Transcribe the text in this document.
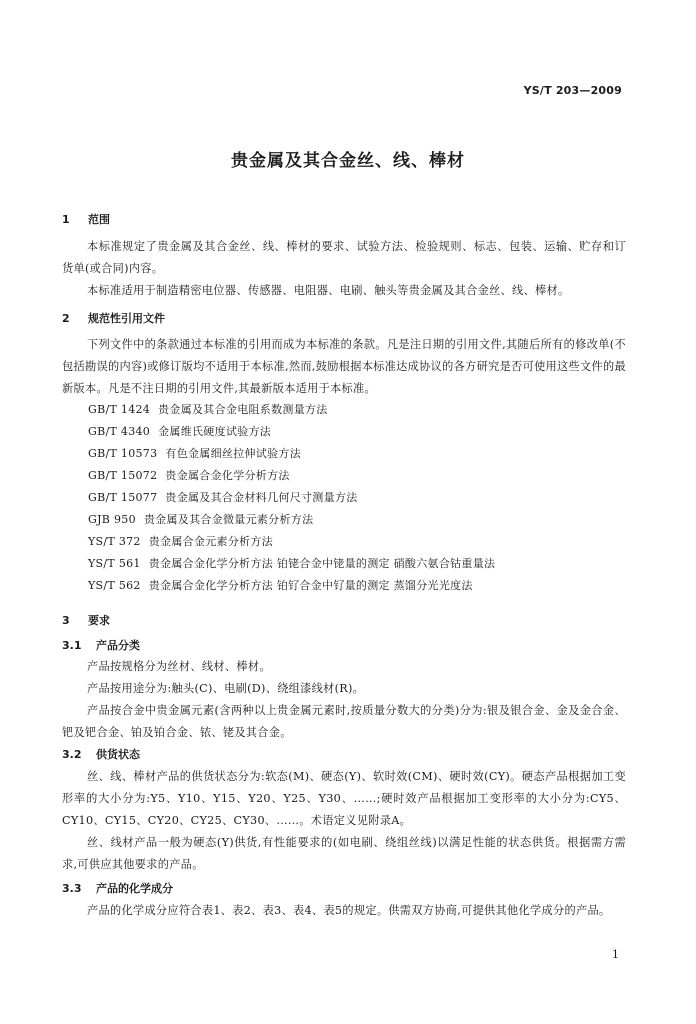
YS/T 203—2009
贵金属及其合金丝、线、棒材
1 范围
本标准规定了贵金属及其合金丝、线、棒材的要求、试验方法、检验规则、标志、包装、运输、贮存和订货单(或合同)内容。
本标准适用于制造精密电位器、传感器、电阻器、电刷、触头等贵金属及其合金丝、线、棒材。
2 规范性引用文件
下列文件中的条款通过本标准的引用而成为本标准的条款。凡是注日期的引用文件,其随后所有的修改单(不包括勘误的内容)或修订版均不适用于本标准,然而,鼓励根据本标准达成协议的各方研究是否可使用这些文件的最新版本。凡是不注日期的引用文件,其最新版本适用于本标准。
GB/T 1424 贵金属及其合金电阻系数测量方法
GB/T 4340 金属维氏硬度试验方法
GB/T 10573 有色金属细丝拉伸试验方法
GB/T 15072 贵金属合金化学分析方法
GB/T 15077 贵金属及其合金材料几何尺寸测量方法
GJB 950 贵金属及其合金微量元素分析方法
YS/T 372 贵金属合金元素分析方法
YS/T 561 贵金属合金化学分析方法 铂铑合金中铑量的测定 硝酸六氨合钴重量法
YS/T 562 贵金属合金化学分析方法 铂钌合金中钌量的测定 蒸馏分光光度法
3 要求
3.1 产品分类
产品按规格分为丝材、线材、棒材。
产品按用途分为:触头(C)、电刷(D)、绕组漆线材(R)。
产品按合金中贵金属元素(含两种以上贵金属元素时,按质量分数大的分类)分为:银及银合金、金及金合金、钯及钯合金、铂及铂合金、铱、铑及其合金。
3.2 供货状态
丝、线、棒材产品的供货状态分为:软态(M)、硬态(Y)、软时效(CM)、硬时效(CY)。硬态产品根据加工变形率的大小分为:Y5、Y10、Y15、Y20、Y25、Y30、……;硬时效产品根据加工变形率的大小分为:CY5、CY10、CY15、CY20、CY25、CY30、……。术语定义见附录A。
丝、线材产品一般为硬态(Y)供货,有性能要求的(如电刷、绕组丝线)以满足性能的状态供货。根据需方需求,可供应其他要求的产品。
3.3 产品的化学成分
产品的化学成分应符合表1、表2、表3、表4、表5的规定。供需双方协商,可提供其他化学成分的产品。
1
